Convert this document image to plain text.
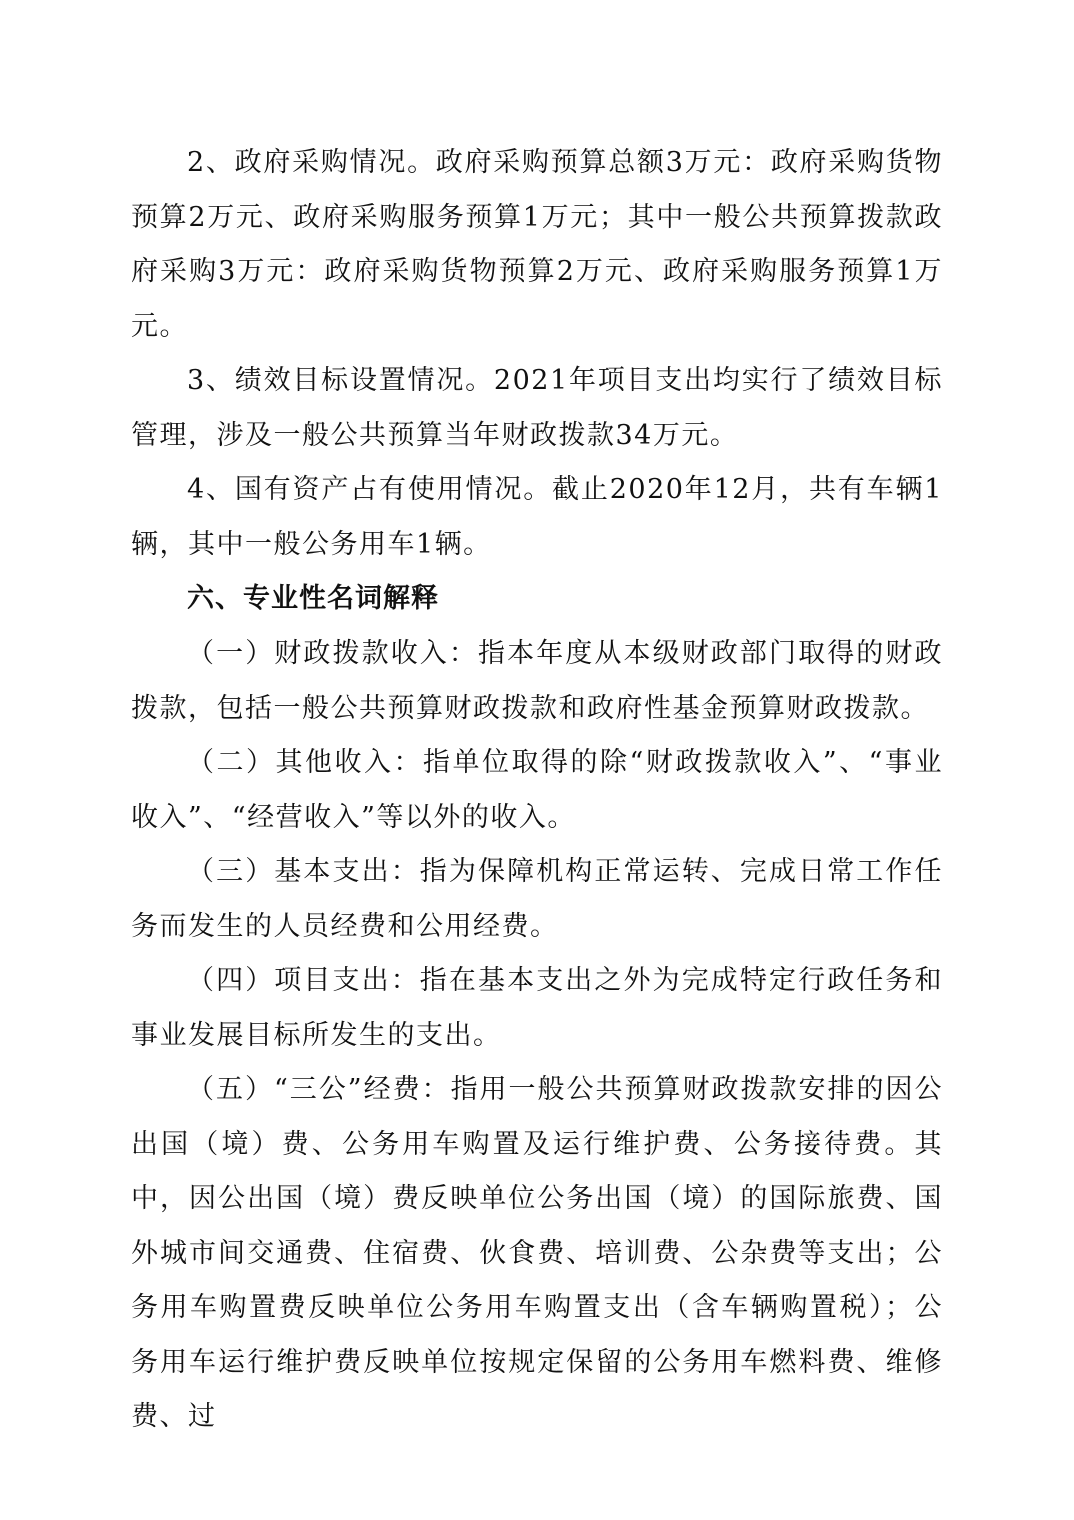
2、政府采购情况。政府采购预算总额3万元：政府采购货物预算2万元、政府采购服务预算1万元；其中一般公共预算拨款政府采购3万元：政府采购货物预算2万元、政府采购服务预算1万元。

3、绩效目标设置情况。2021年项目支出均实行了绩效目标管理，涉及一般公共预算当年财政拨款34万元。

4、国有资产占有使用情况。截止2020年12月，共有车辆1辆，其中一般公务用车1辆。

六、专业性名词解释

（一）财政拨款收入：指本年度从本级财政部门取得的财政拨款，包括一般公共预算财政拨款和政府性基金预算财政拨款。

（二）其他收入：指单位取得的除“财政拨款收入”、“事业收入”、“经营收入”等以外的收入。

（三）基本支出：指为保障机构正常运转、完成日常工作任务而发生的人员经费和公用经费。

（四）项目支出：指在基本支出之外为完成特定行政任务和事业发展目标所发生的支出。

（五）“三公”经费：指用一般公共预算财政拨款安排的因公出国（境）费、公务用车购置及运行维护费、公务接待费。其中，因公出国（境）费反映单位公务出国（境）的国际旅费、国外城市间交通费、住宿费、伙食费、培训费、公杂费等支出；公务用车购置费反映单位公务用车购置支出（含车辆购置税）；公务用车运行维护费反映单位按规定保留的公务用车燃料费、维修费、过
